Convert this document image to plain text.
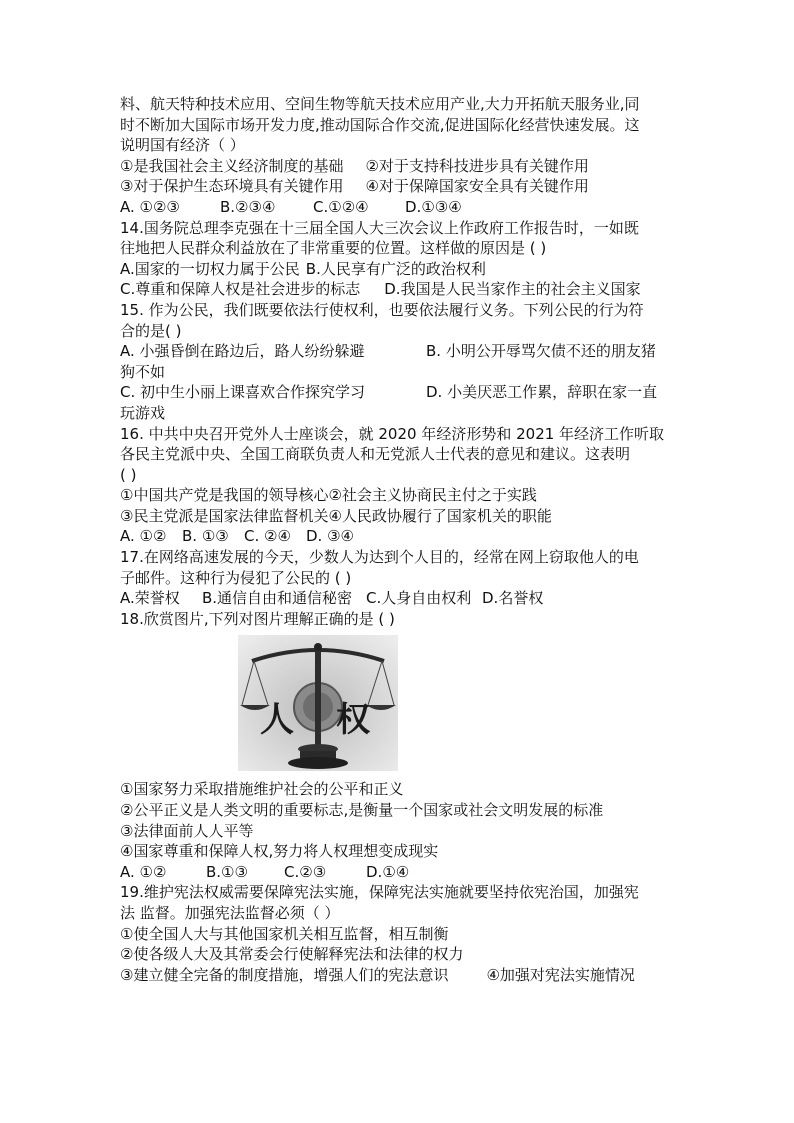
料、航天特种技术应用、空间生物等航天技术应用产业,大力开拓航天服务业,同
时不断加大国际市场开发力度,推动国际合作交流,促进国际化经营快速发展。这
说明国有经济（ ）
①是我国社会主义经济制度的基础 ②对于支持科技进步具有关键作用
③对于保护生态环境具有关键作用 ④对于保障国家安全具有关键作用
A. ①②③	B.②③④	C.①②④ D.①③④
14.国务院总理李克强在十三届全国人大三次会议上作政府工作报告时，一如既
往地把人民群众利益放在了非常重要的位置。这样做的原因是 ( )
A.国家的一切权力属于公民 B.人民享有广泛的政治权利
C.尊重和保障人权是社会进步的标志 D.我国是人民当家作主的社会主义国家
15. 作为公民，我们既要依法行使权利，也要依法履行义务。下列公民的行为符
合的是( )
A. 小强昏倒在路边后，路人纷纷躲避	B. 小明公开辱骂欠债不还的朋友猪
狗不如
C. 初中生小丽上课喜欢合作探究学习	D. 小美厌恶工作累，辞职在家一直
玩游戏
16. 中共中央召开党外人士座谈会，就 2020 年经济形势和 2021 年经济工作听取
各民主党派中央、全国工商联负责人和无党派人士代表的意见和建议。这表明
( )
①中国共产党是我国的领导核心②社会主义协商民主付之于实践
③民主党派是国家法律监督机关④人民政协履行了国家机关的职能
A. ①② B. ①③ C. ②④ D. ③④
17.在网络高速发展的今天，少数人为达到个人目的，经常在网上窃取他人的电
子邮件。这种行为侵犯了公民的 ( )
A.荣誉权 B.通信自由和通信秘密 C.人身自由权利 D.名誉权
18.欣赏图片,下列对图片理解正确的是 ( )
人 权
①国家努力采取措施维护社会的公平和正义
②公平正义是人类文明的重要标志,是衡量一个国家或社会文明发展的标准
③法律面前人人平等
④国家尊重和保障人权,努力将人权理想变成现实
A. ①②	B.①③ C.②③	D.①④
19.维护宪法权威需要保障宪法实施，保障宪法实施就要坚持依宪治国，加强宪
法 监督。加强宪法监督必须（ ）
①使全国人大与其他国家机关相互监督，相互制衡
②使各级人大及其常委会行使解释宪法和法律的权力
③建立健全完备的制度措施，增强人们的宪法意识	④加强对宪法实施情况
